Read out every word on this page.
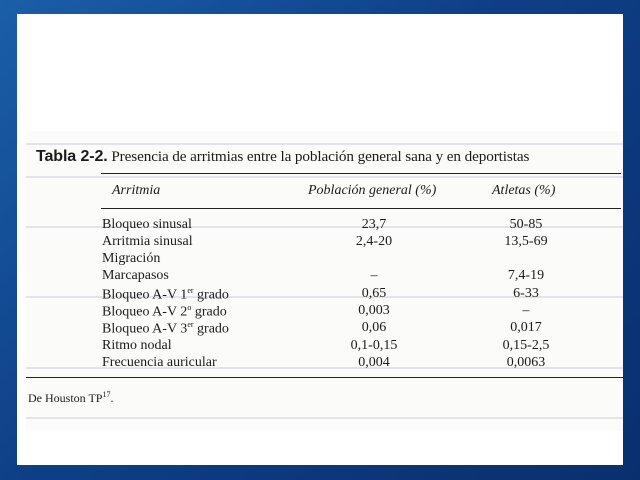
Tabla 2-2. Presencia de arritmias entre la población general sana y en deportistas
Arritmia	Población general (%)	Atletas (%)
Bloqueo sinusal	23,7	50-85
Arritmia sinusal	2,4-20	13,5-69
Migración
Marcapasos	–	7,4-19
Bloqueo A-V 1er grado	0,65	6-33
Bloqueo A-V 2$^o$ grado	0,003	–
Bloqueo A-V 3er grado	0,06	0,017
Ritmo nodal	0,1-0,15	0,15-2,5
Frecuencia auricular	0,004	0,0063
De Houston TP$^{17}$.
